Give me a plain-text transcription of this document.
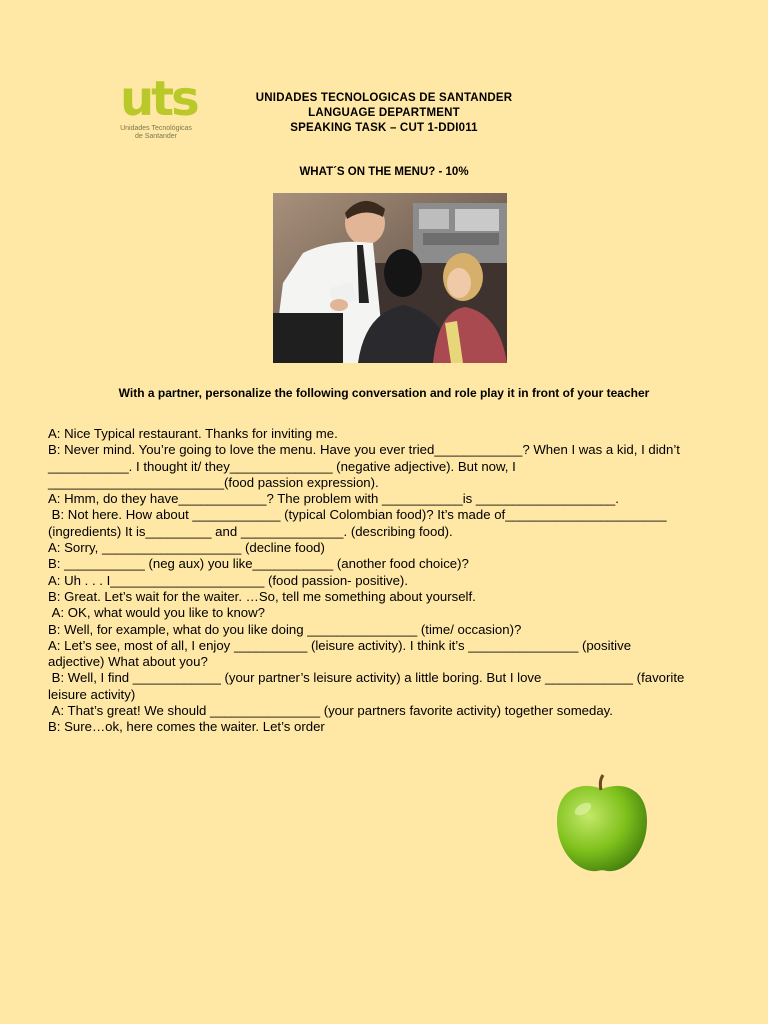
uts
Unidades Tecnológicas
de Santander
UNIDADES TECNOLOGICAS DE SANTANDER
LANGUAGE DEPARTMENT
SPEAKING TASK – CUT 1-DDI011
WHAT´S ON THE MENU? - 10%
With a partner, personalize the following conversation and role play it in front of your teacher
A: Nice Typical restaurant. Thanks for inviting me.
B: Never mind. You’re going to love the menu. Have you ever tried____________? When I was a kid, I didn’t
___________. I thought it/ they______________ (negative adjective). But now, I
________________________(food passion expression).
A: Hmm, do they have____________? The problem with ___________is ___________________.
B: Not here. How about ____________ (typical Colombian food)? It’s made of______________________
(ingredients) It is_________ and ______________. (describing food).
A: Sorry, ___________________ (decline food)
B: ___________ (neg aux) you like___________ (another food choice)?
A: Uh . . . I_____________________ (food passion- positive).
B: Great. Let’s wait for the waiter. …So, tell me something about yourself.
A: OK, what would you like to know?
B: Well, for example, what do you like doing _______________ (time/ occasion)?
A: Let’s see, most of all, I enjoy __________ (leisure activity). I think it’s _______________ (positive
adjective) What about you?
B: Well, I find ____________ (your partner’s leisure activity) a little boring. But I love ____________ (favorite
leisure activity)
A: That’s great! We should _______________ (your partners favorite activity) together someday.
B: Sure…ok, here comes the waiter. Let’s order
